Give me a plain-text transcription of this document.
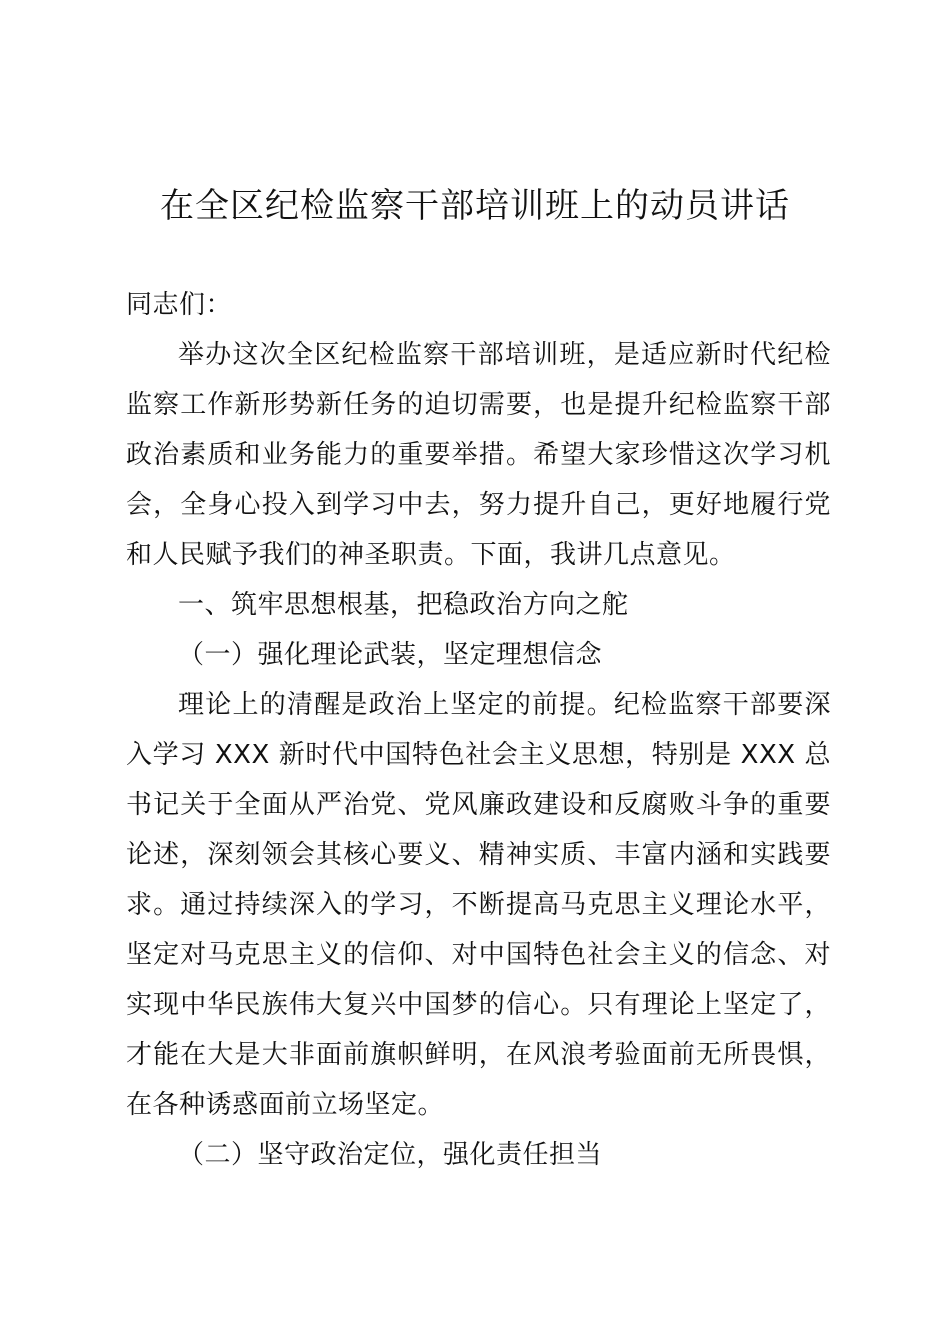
在全区纪检监察干部培训班上的动员讲话

同志们：

举办这次全区纪检监察干部培训班，是适应新时代纪检监察工作新形势新任务的迫切需要，也是提升纪检监察干部政治素质和业务能力的重要举措。希望大家珍惜这次学习机会，全身心投入到学习中去，努力提升自己，更好地履行党和人民赋予我们的神圣职责。下面，我讲几点意见。

一、筑牢思想根基，把稳政治方向之舵

（一）强化理论武装，坚定理想信念

理论上的清醒是政治上坚定的前提。纪检监察干部要深入学习 XXX 新时代中国特色社会主义思想，特别是 XXX 总书记关于全面从严治党、党风廉政建设和反腐败斗争的重要论述，深刻领会其核心要义、精神实质、丰富内涵和实践要求。通过持续深入的学习，不断提高马克思主义理论水平，坚定对马克思主义的信仰、对中国特色社会主义的信念、对实现中华民族伟大复兴中国梦的信心。只有理论上坚定了，才能在大是大非面前旗帜鲜明，在风浪考验面前无所畏惧，在各种诱惑面前立场坚定。

（二）坚守政治定位，强化责任担当
